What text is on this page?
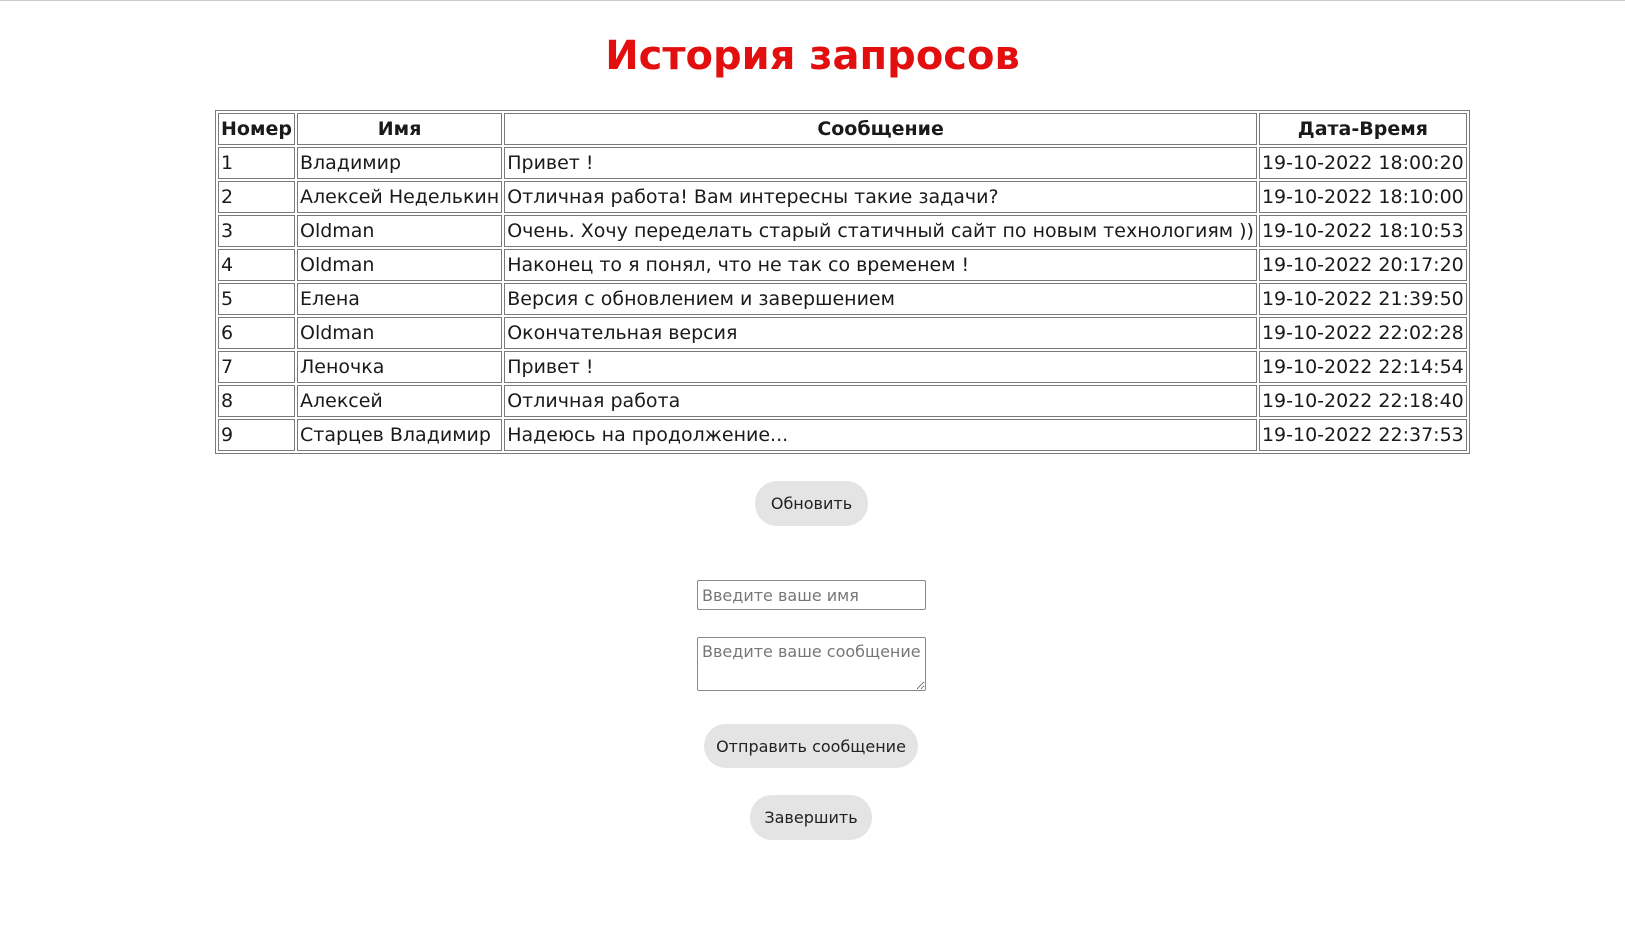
История запросов
Номер	Имя	Сообщение	Дата-Время
1	Владимир	Привет !	19-10-2022 18:00:20
2	Алексей Неделькин	Отличная работа! Вам интересны такие задачи?	19-10-2022 18:10:00
3	Oldman	Очень. Хочу переделать старый статичный сайт по новым технологиям ))	19-10-2022 18:10:53
4	Oldman	Наконец то я понял, что не так со временем !	19-10-2022 20:17:20
5	Елена	Версия с обновлением и завершением	19-10-2022 21:39:50
6	Oldman	Окончательная версия	19-10-2022 22:02:28
7	Леночка	Привет !	19-10-2022 22:14:54
8	Алексей	Отличная работа	19-10-2022 22:18:40
9	Старцев Владимир	Надеюсь на продолжение...	19-10-2022 22:37:53
Обновить
Введите ваше имя
Введите ваше сообщение
Отправить сообщение
Завершить
